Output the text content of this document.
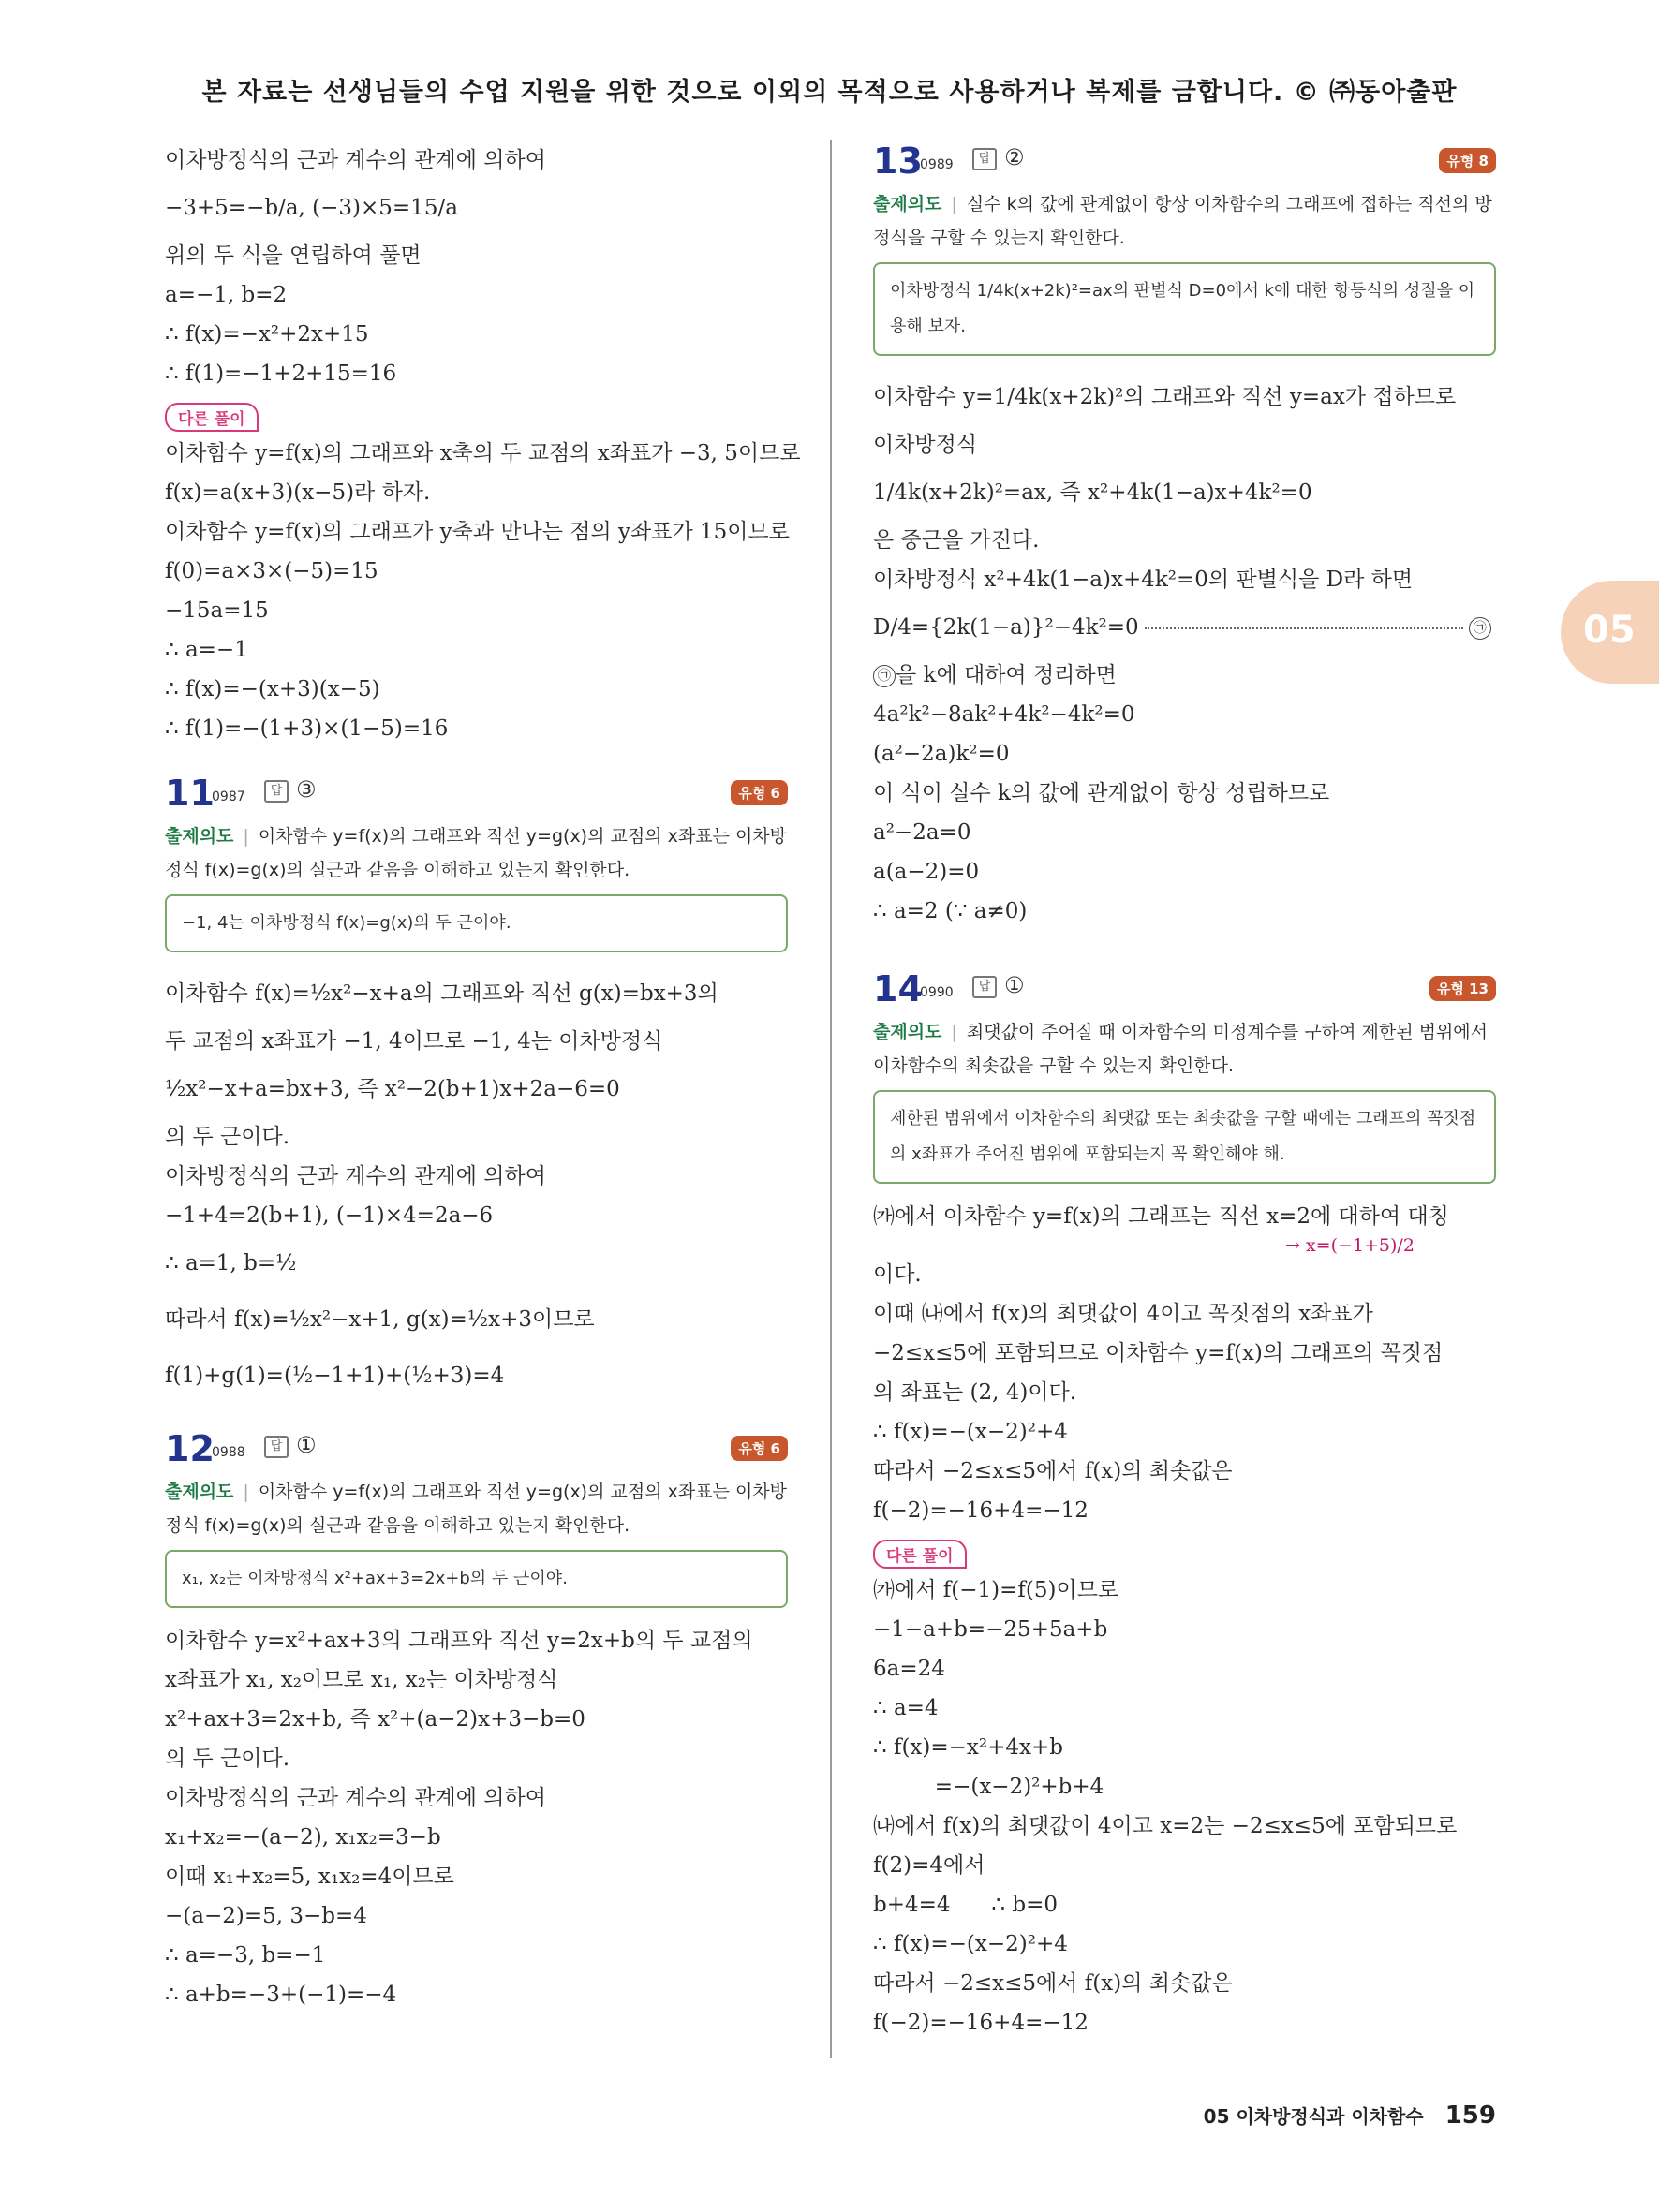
본 자료는 선생님들의 수업 지원을 위한 것으로 이외의 목적으로 사용하거나 복제를 금합니다. © ㈜동아출판
이차방정식의 근과 계수의 관계에 의하여
−3+5=−b/a, (−3)×5=15/a
위의 두 식을 연립하여 풀면
a=−1, b=2
∴ f(x)=−x²+2x+15
∴ f(1)=−1+2+15=16
다른 풀이
이차함수 y=f(x)의 그래프와 x축의 두 교점의 x좌표가 −3, 5이므로
f(x)=a(x+3)(x−5)라 하자.
이차함수 y=f(x)의 그래프가 y축과 만나는 점의 y좌표가 15이므로
f(0)=a×3×(−5)=15
−15a=15
∴ a=−1
∴ f(x)=−(x+3)(x−5)
∴ f(1)=−(1+3)×(1−5)=16
11
0987	답 ③	유형 6
출제의도 | 이차함수 y=f(x)의 그래프와 직선 y=g(x)의 교점의 x좌표는 이차방정식 f(x)=g(x)의 실근과 같음을 이해하고 있는지 확인한다.
−1, 4는 이차방정식 f(x)=g(x)의 두 근이야.
이차함수 f(x)=½x²−x+a의 그래프와 직선 g(x)=bx+3의
두 교점의 x좌표가 −1, 4이므로 −1, 4는 이차방정식
½x²−x+a=bx+3, 즉 x²−2(b+1)x+2a−6=0
의 두 근이다.
이차방정식의 근과 계수의 관계에 의하여
−1+4=2(b+1), (−1)×4=2a−6
∴ a=1, b=½
따라서 f(x)=½x²−x+1, g(x)=½x+3이므로
f(1)+g(1)=(½−1+1)+(½+3)=4
12
0988	답 ①	유형 6
출제의도 | 이차함수 y=f(x)의 그래프와 직선 y=g(x)의 교점의 x좌표는 이차방정식 f(x)=g(x)의 실근과 같음을 이해하고 있는지 확인한다.
x₁, x₂는 이차방정식 x²+ax+3=2x+b의 두 근이야.
이차함수 y=x²+ax+3의 그래프와 직선 y=2x+b의 두 교점의
x좌표가 x₁, x₂이므로 x₁, x₂는 이차방정식
x²+ax+3=2x+b, 즉 x²+(a−2)x+3−b=0
의 두 근이다.
이차방정식의 근과 계수의 관계에 의하여
x₁+x₂=−(a−2), x₁x₂=3−b
이때 x₁+x₂=5, x₁x₂=4이므로
−(a−2)=5, 3−b=4
∴ a=−3, b=−1
∴ a+b=−3+(−1)=−4
13
0989	답 ②	유형 8
출제의도 | 실수 k의 값에 관계없이 항상 이차함수의 그래프에 접하는 직선의 방정식을 구할 수 있는지 확인한다.
이차방정식 1/4k(x+2k)²=ax의 판별식 D=0에서 k에 대한 항등식의 성질을 이용해 보자.
이차함수 y=1/4k(x+2k)²의 그래프와 직선 y=ax가 접하므로
이차방정식
1/4k(x+2k)²=ax, 즉 x²+4k(1−a)x+4k²=0
은 중근을 가진다.
이차방정식 x²+4k(1−a)x+4k²=0의 판별식을 D라 하면
D/4={2k(1−a)}²−4k²=0	㉠
㉠ 을 k에 대하여 정리하면
4a²k²−8ak²+4k²−4k²=0
(a²−2a)k²=0
이 식이 실수 k의 값에 관계없이 항상 성립하므로
a²−2a=0
a(a−2)=0
∴ a=2 (∵ a≠0)
14
0990	답 ①	유형 13
출제의도 | 최댓값이 주어질 때 이차함수의 미정계수를 구하여 제한된 범위에서 이차함수의 최솟값을 구할 수 있는지 확인한다.
제한된 범위에서 이차함수의 최댓값 또는 최솟값을 구할 때에는 그래프의 꼭짓점의 x좌표가 주어진 범위에 포함되는지 꼭 확인해야 해.
㈎에서 이차함수 y=f(x)의 그래프는 직선 x=2에 대하여 대칭
→ x=(−1+5)/2
이다.
이때 ㈏에서 f(x)의 최댓값이 4이고 꼭짓점의 x좌표가
−2≤x≤5에 포함되므로 이차함수 y=f(x)의 그래프의 꼭짓점
의 좌표는 (2, 4)이다.
∴ f(x)=−(x−2)²+4
따라서 −2≤x≤5에서 f(x)의 최솟값은
f(−2)=−16+4=−12
다른 풀이
㈎에서 f(−1)=f(5)이므로
−1−a+b=−25+5a+b
6a=24
∴ a=4
∴ f(x)=−x²+4x+b
=−(x−2)²+b+4
㈏에서 f(x)의 최댓값이 4이고 x=2는 −2≤x≤5에 포함되므로
f(2)=4에서
b+4=4      ∴ b=0
∴ f(x)=−(x−2)²+4
따라서 −2≤x≤5에서 f(x)의 최솟값은
f(−2)=−16+4=−12
05
05 이차방정식과 이차함수 159
